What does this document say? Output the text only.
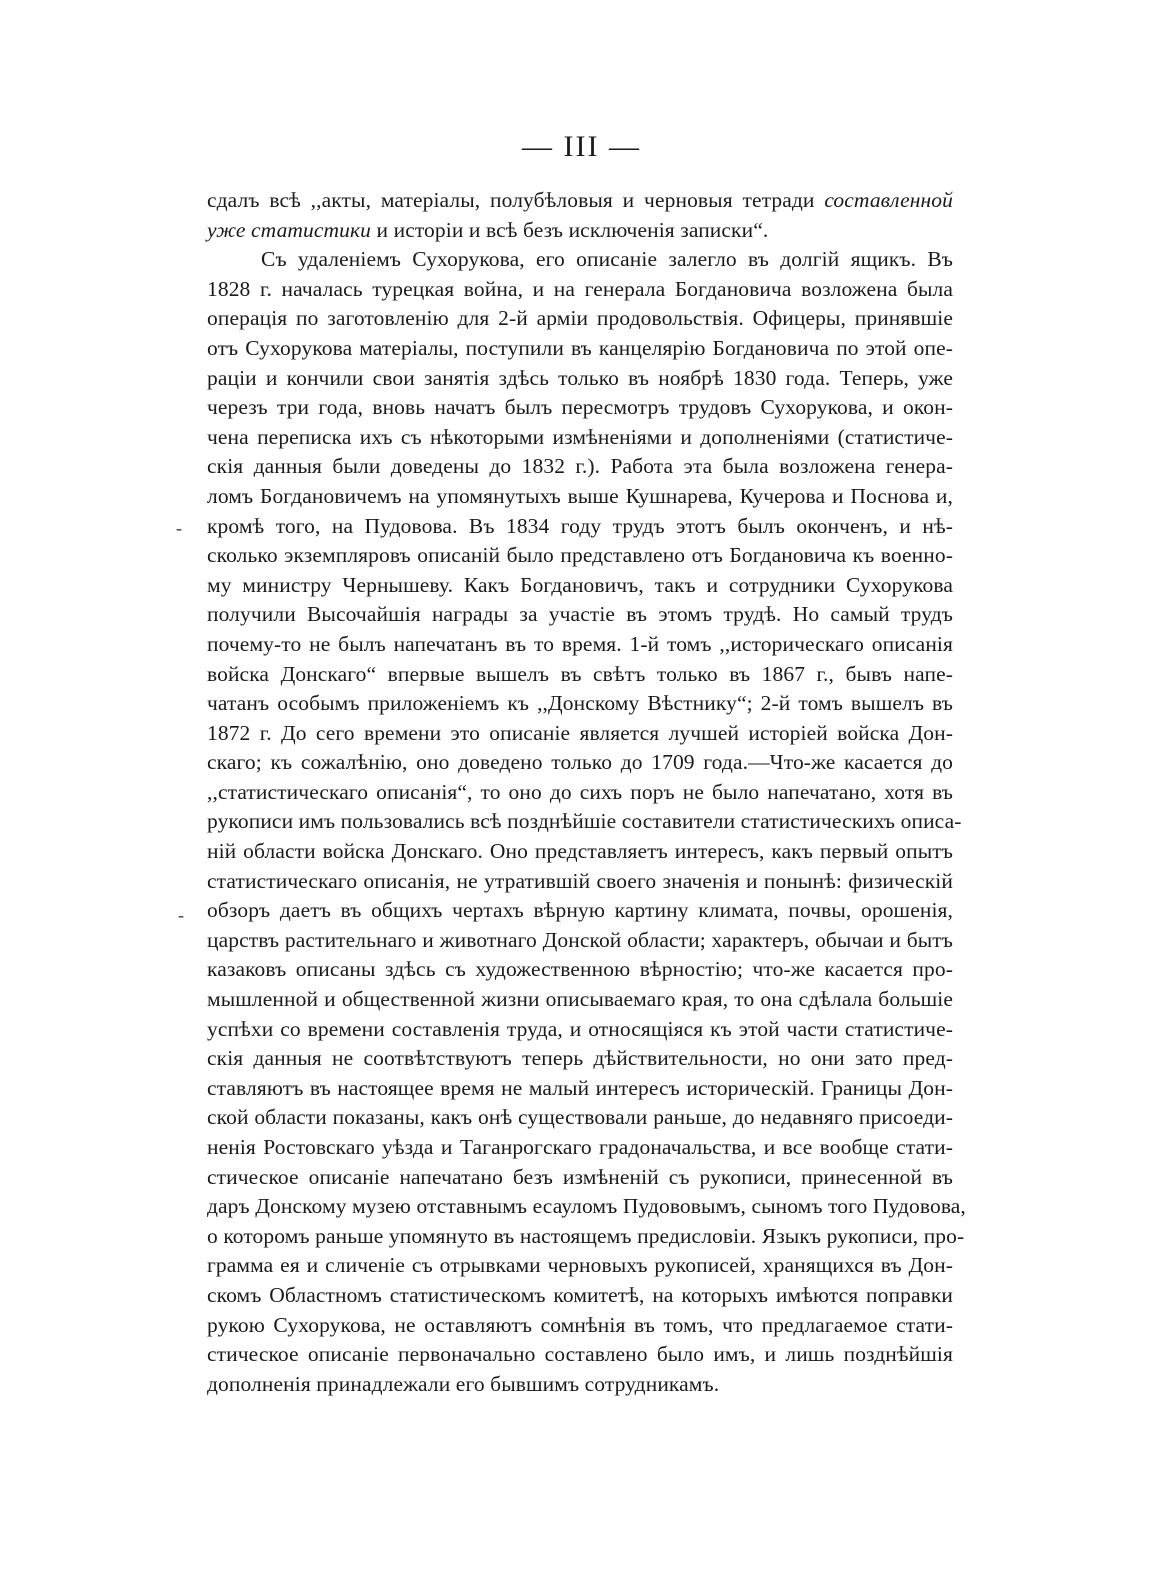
— III —
сдалъ всѣ ,,акты, матеріалы, полубѣловыя и черновыя тетради составленной
уже статистики и исторіи и всѣ безъ исключенія записки“.
Съ удаленіемъ Сухорукова, его описаніе залегло въ долгій ящикъ. Въ
1828 г. началась турецкая война, и на генерала Богдановича возложена была
операція по заготовленію для 2-й арміи продовольствія. Офицеры, принявшіе
отъ Сухорукова матеріалы, поступили въ канцелярію Богдановича по этой опе-
раціи и кончили свои занятія здѣсь только въ ноябрѣ 1830 года. Теперь, уже
черезъ три года, вновь начатъ былъ пересмотръ трудовъ Сухорукова, и окон-
чена переписка ихъ съ нѣкоторыми измѣненіями и дополненіями (статистиче-
скія данныя были доведены до 1832 г.). Работа эта была возложена генера-
ломъ Богдановичемъ на упомянутыхъ выше Кушнарева, Кучерова и Поснова и,
кромѣ того, на Пудовова. Въ 1834 году трудъ этотъ былъ оконченъ, и нѣ-
сколько экземпляровъ описаній было представлено отъ Богдановича къ военно-
му министру Чернышеву. Какъ Богдановичъ, такъ и сотрудники Сухорукова
получили Высочайшія награды за участіе въ этомъ трудѣ. Но самый трудъ
почему-то не былъ напечатанъ въ то время. 1-й томъ ,,историческаго описанія
войска Донскаго“ впервые вышелъ въ свѣтъ только въ 1867 г., бывъ напе-
чатанъ особымъ приложеніемъ къ ,,Донскому Вѣстнику“; 2-й томъ вышелъ въ
1872 г. До сего времени это описаніе является лучшей исторіей войска Дон-
скаго; къ сожалѣнію, оно доведено только до 1709 года.—Что-же касается до
,,статистическаго описанія“, то оно до сихъ поръ не было напечатано, хотя въ
рукописи имъ пользовались всѣ позднѣйшіе составители статистическихъ описа-
ній области войска Донскаго. Оно представляетъ интересъ, какъ первый опытъ
статистическаго описанія, не утратившій своего значенія и понынѣ: физическій
обзоръ даетъ въ общихъ чертахъ вѣрную картину климата, почвы, орошенія,
царствъ растительнаго и животнаго Донской области; характеръ, обычаи и бытъ
казаковъ описаны здѣсь съ художественною вѣрностію; что-же касается про-
мышленной и общественной жизни описываемаго края, то она сдѣлала большіе
успѣхи со времени составленія труда, и относящіяся къ этой части статистиче-
скія данныя не соотвѣтствуютъ теперь дѣйствительности, но они зато пред-
ставляютъ въ настоящее время не малый интересъ историческій. Границы Дон-
ской области показаны, какъ онѣ существовали раньше, до недавняго присоеди-
ненія Ростовскаго уѣзда и Таганрогскаго градоначальства, и все вообще стати-
стическое описаніе напечатано безъ измѣненій съ рукописи, принесенной въ
даръ Донскому музею отставнымъ есауломъ Пудововымъ, сыномъ того Пудовова,
о которомъ раньше упомянуто въ настоящемъ предисловіи. Языкъ рукописи, про-
грамма ея и сличеніе съ отрывками черновыхъ рукописей, хранящихся въ Дон-
скомъ Областномъ статистическомъ комитетѣ, на которыхъ имѣются поправки
рукою Сухорукова, не оставляютъ сомнѣнія въ томъ, что предлагаемое стати-
стическое описаніе первоначально составлено было имъ, и лишь позднѣйшія
дополненія принадлежали его бывшимъ сотрудникамъ.
-
-
